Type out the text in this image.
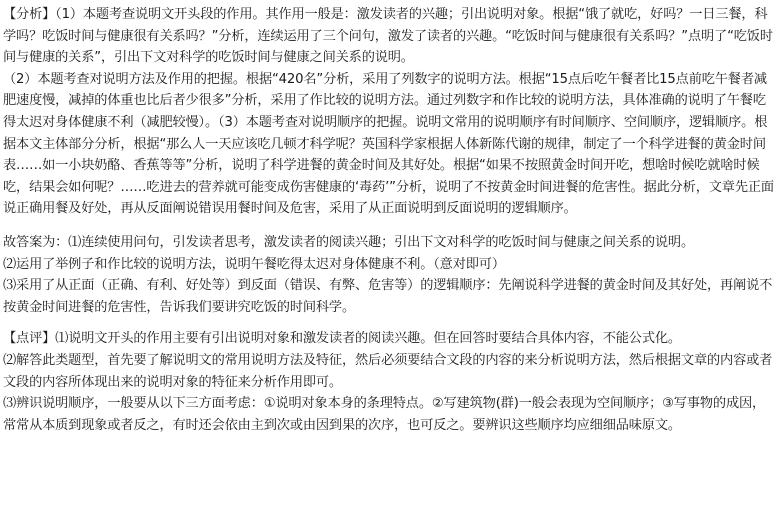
【分析】（1）本题考查说明文开头段的作用。其作用一般是：激发读者的兴趣；引出说明对象。根据“饿了就吃，好吗？一日三餐，科学吗？吃饭时间与健康很有关系吗？”分析，连续运用了三个问句，激发了读者的兴趣。“吃饭时间与健康很有关系吗？”点明了“吃饭时间与健康的关系”，引出下文对科学的吃饭时间与健康之间关系的说明。

（2）本题考查对说明方法及作用的把握。根据“420名”分析，采用了列数字的说明方法。根据“15点后吃午餐者比15点前吃午餐者减肥速度慢，减掉的体重也比后者少很多”分析，采用了作比较的说明方法。通过列数字和作比较的说明方法，具体准确的说明了午餐吃得太迟对身体健康不利（减肥较慢）。（3）本题考查对说明顺序的把握。说明文常用的说明顺序有时间顺序、空间顺序，逻辑顺序。根据本文主体部分分析，根据“那么人一天应该吃几顿才科学呢？英国科学家根据人体新陈代谢的规律，制定了一个科学进餐的黄金时间表……如一小块奶酪、香蕉等等”分析，说明了科学进餐的黄金时间及其好处。根据“如果不按照黄金时间开吃，想啥时候吃就啥时候吃，结果会如何呢？……吃进去的营养就可能变成伤害健康的‘毒药’”分析，说明了不按黄金时间进餐的危害性。据此分析，文章先正面说正确用餐及好处，再从反面阐说错误用餐时间及危害，采用了从正面说明到反面说明的逻辑顺序。

故答案为：⑴连续使用问句，引发读者思考，激发读者的阅读兴趣；引出下文对科学的吃饭时间与健康之间关系的说明。

⑵运用了举例子和作比较的说明方法，说明午餐吃得太迟对身体健康不利。（意对即可）

⑶采用了从正面（正确、有利、好处等）到反面（错误、有弊、危害等）的逻辑顺序：先阐说科学进餐的黄金时间及其好处，再阐说不按黄金时间进餐的危害性，告诉我们要讲究吃饭的时间科学。

【点评】⑴说明文开头的作用主要有引出说明对象和激发读者的阅读兴趣。但在回答时要结合具体内容，不能公式化。

⑵解答此类题型，首先要了解说明文的常用说明方法及特征，然后必须要结合文段的内容的来分析说明方法，然后根据文章的内容或者文段的内容所体现出来的说明对象的特征来分析作用即可。

⑶辨识说明顺序，一般要从以下三方面考虑：①说明对象本身的条理特点。②写建筑物(群)一般会表现为空间顺序；③写事物的成因，常常从本质到现象或者反之，有时还会依由主到次或由因到果的次序，也可反之。要辨识这些顺序均应细细品味原文。
